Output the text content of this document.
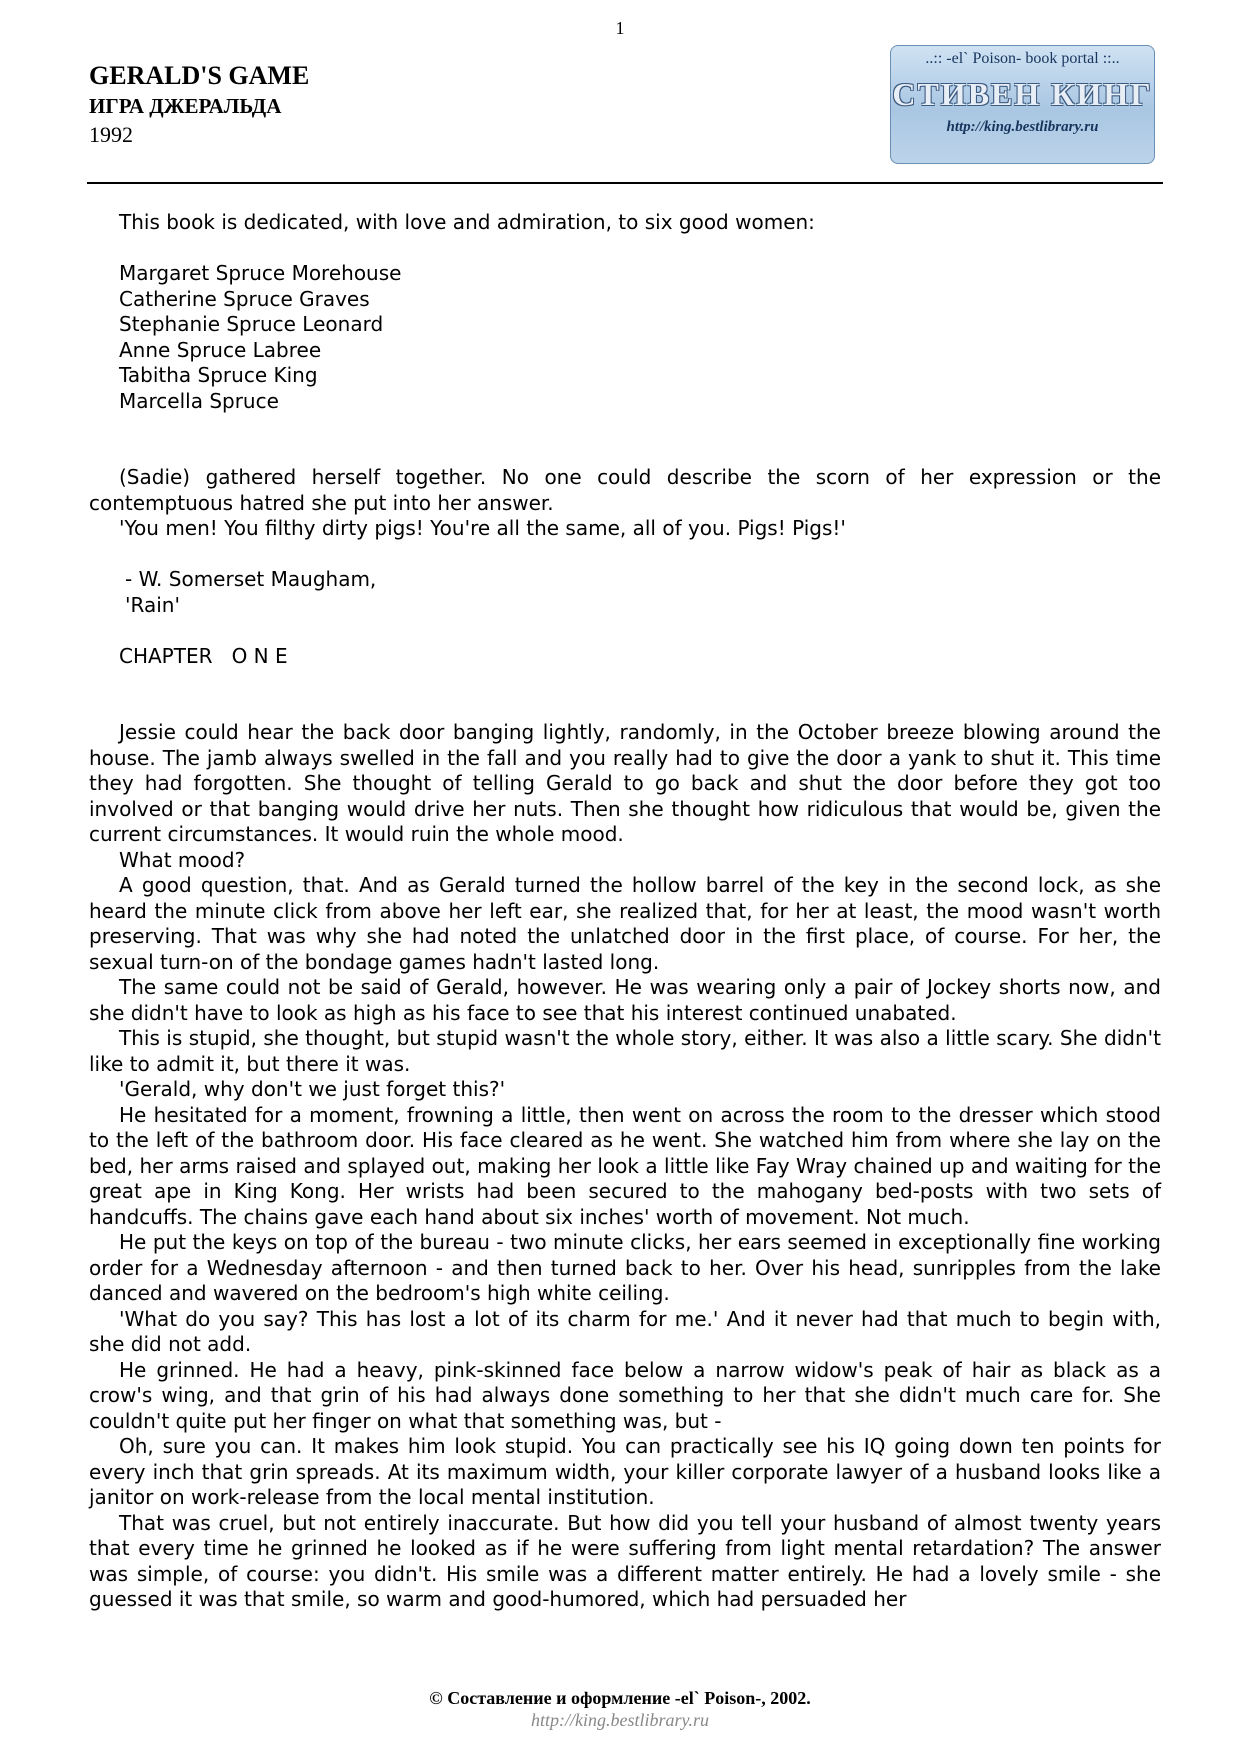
1
GERALD'S GAME
ИГРА ДЖЕРАЛЬДА
1992
..:: -el` Poison- book portal ::..
СТИВЕН КИНГ
http://king.bestlibrary.ru

This book is dedicated, with love and admiration, to six good women:

Margaret Spruce Morehouse

Catherine Spruce Graves

Stephanie Spruce Leonard

Anne Spruce Labree

Tabitha Spruce King

Marcella Spruce

(Sadie) gathered herself together. No one could describe the scorn of her expression or the contemptuous hatred she put into her answer.

'You men! You filthy dirty pigs! You're all the same, all of you. Pigs! Pigs!'

- W. Somerset Maugham,

'Rain'

CHAPTER   O N E

Jessie could hear the back door banging lightly, randomly, in the October breeze blowing around the house. The jamb always swelled in the fall and you really had to give the door a yank to shut it. This time they had forgotten. She thought of telling Gerald to go back and shut the door before they got too involved or that banging would drive her nuts. Then she thought how ridiculous that would be, given the current circumstances. It would ruin the whole mood.

What mood?

A good question, that. And as Gerald turned the hollow barrel of the key in the second lock, as she heard the minute click from above her left ear, she realized that, for her at least, the mood wasn't worth preserving. That was why she had noted the unlatched door in the first place, of course. For her, the sexual turn-on of the bondage games hadn't lasted long.

The same could not be said of Gerald, however. He was wearing only a pair of Jockey shorts now, and she didn't have to look as high as his face to see that his interest continued unabated.

This is stupid, she thought, but stupid wasn't the whole story, either. It was also a little scary. She didn't like to admit it, but there it was.

'Gerald, why don't we just forget this?'

He hesitated for a moment, frowning a little, then went on across the room to the dresser which stood to the left of the bathroom door. His face cleared as he went. She watched him from where she lay on the bed, her arms raised and splayed out, making her look a little like Fay Wray chained up and waiting for the great ape in King Kong. Her wrists had been secured to the mahogany bed-posts with two sets of handcuffs. The chains gave each hand about six inches' worth of movement. Not much.

He put the keys on top of the bureau - two minute clicks, her ears seemed in exceptionally fine working order for a Wednesday afternoon - and then turned back to her. Over his head, sunripples from the lake danced and wavered on the bedroom's high white ceiling.

'What do you say? This has lost a lot of its charm for me.' And it never had that much to begin with, she did not add.

He grinned. He had a heavy, pink-skinned face below a narrow widow's peak of hair as black as a crow's wing, and that grin of his had always done something to her that she didn't much care for. She couldn't quite put her finger on what that something was, but -

Oh, sure you can. It makes him look stupid. You can practically see his IQ going down ten points for every inch that grin spreads. At its maximum width, your killer corporate lawyer of a husband looks like a janitor on work-release from the local mental institution.

That was cruel, but not entirely inaccurate. But how did you tell your husband of almost twenty years that every time he grinned he looked as if he were suffering from light mental retardation? The answer was simple, of course: you didn't. His smile was a different matter entirely. He had a lovely smile - she guessed it was that smile, so warm and good-humored, which had persuaded her

© Составление и оформление -el` Poison-, 2002.
http://king.bestlibrary.ru
